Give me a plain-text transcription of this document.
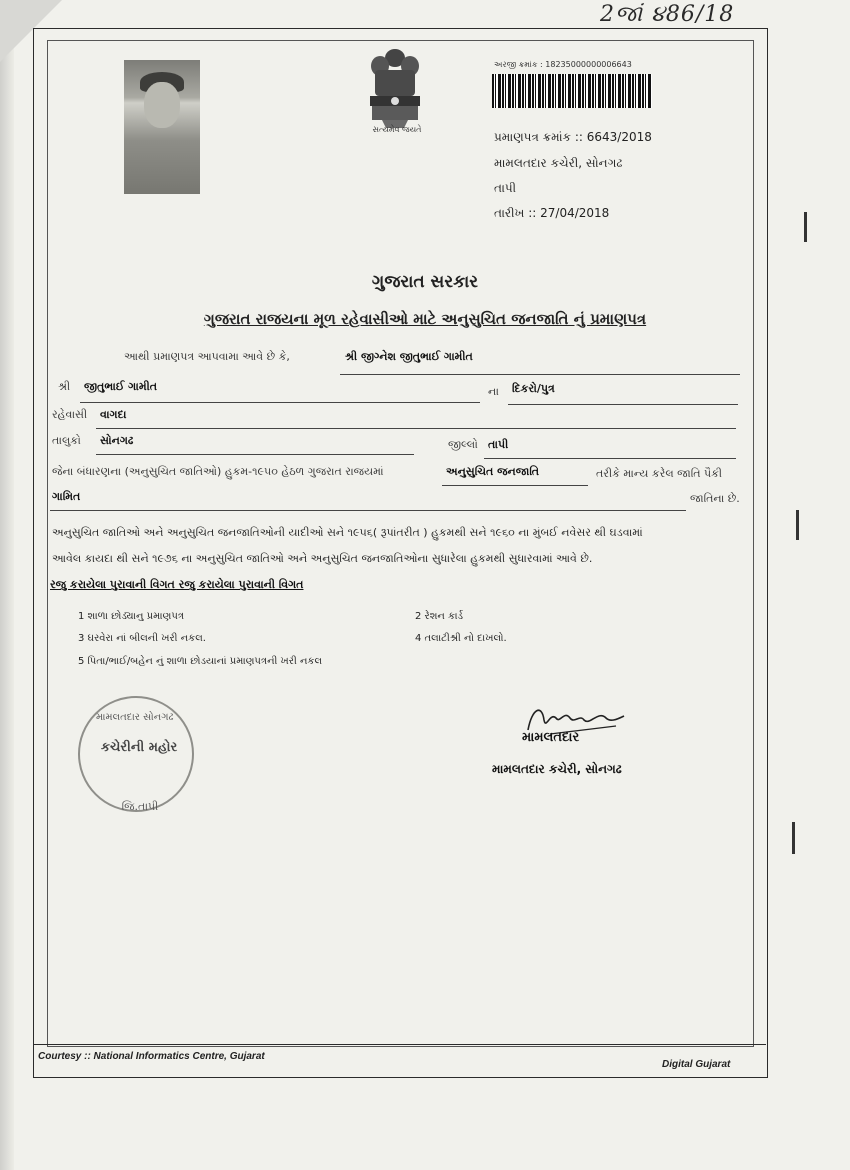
2જાં ૪86/18
સત્યમેવ જયતે
અરજી ક્રમાંક : 18235000000006643
પ્રમાણપત્ર ક્રમાંક :: 6643/2018
મામલતદાર કચેરી, સોનગઢ
તાપી
તારીખ :: 27/04/2018
ગુજરાત સરકાર
ગુજરાત રાજયના મૂળ રહેવાસીઓ માટે અનુસુચિત જનજાતિ નું પ્રમાણપત્ર
આથી પ્રમાણપત્ર આપવામા આવે છે કે,	શ્રી જીગ્નેશ જીતુભાઈ ગામીત
શ્રી જીતુભાઈ ગામીત	ના દિકરો/પુત્ર
રહેવાસી વાગદા
તાલુકો સોનગઢ	જીલ્લો તાપી
જેના બંધારણના (અનુસુચિત જાતિઓ) હુકમ-૧૯૫૦ હેઠળ ગુજરાત રાજયમાં	અનુસુચિત જનજાતિ	તરીકે માન્ય કરેલ જાતિ પૈકી
ગામિત	જાતિના છે.
અનુસુચિત જાતિઓ અને અનુસુચિત જનજાતિઓની યાદીઓ સને ૧૯૫૬( રૂપાંતરીત ) હુકમથી સને ૧૯૬૦ ના મુંબઈ નવેસર થી ઘડવામાં
આવેલ કાયદા થી સને ૧૯૭૬ ના અનુસુચિત જાતિઓ અને અનુસુચિત જનજાતિઓના સુધારેલા હુકમથી સુધારવામાં આવે છે.
રજુ કરાયેલા પુરાવાની વિગત રજુ કરાયેલા પુરાવાની વિગત
1 શાળા છોડ્યાનુ પ્રમાણપત્ર	2 રેશન કાર્ડ
3 ઘરવેરા નાં બીલની ખરી નકલ.	4 તલાટીશ્રી નો દાખલો.
5 પિતા/ભાઈ/બહેન નું શાળા છોડયાનાં પ્રમાણપત્રની ખરી નકલ
મામલતદાર સોનગઢ
કચેરીની મહોર
જિ.તાપી
મામલતદાર
મામલતદાર કચેરી, સોનગઢ
Courtesy :: National Informatics Centre, Gujarat
Digital Gujarat
